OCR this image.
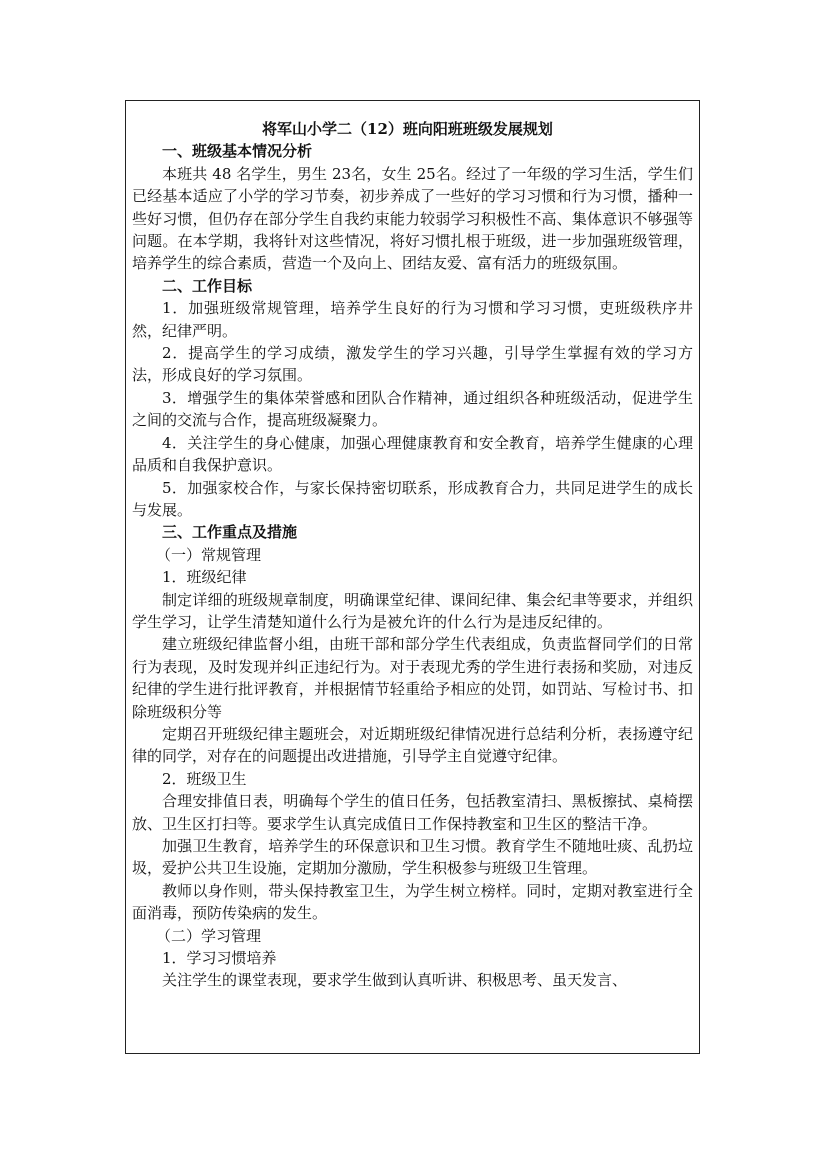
将军山小学二（12）班向阳班班级发展规划

一、班级基本情况分析

本班共 48 名学生，男生 23名，女生 25名。经过了一年级的学习生活，学生们已经基本适应了小学的学习节奏，初步养成了一些好的学习习惯和行为习惯，播种一些好习惯，但仍存在部分学生自我约束能力较弱学习积极性不高、集体意识不够强等问题。在本学期，我将针对这些情况，将好习惯扎根于班级，进一步加强班级管理，培养学生的综合素质，营造一个及向上、团结友爱、富有活力的班级氛围。

二、工作目标

1．加强班级常规管理，培养学生良好的行为习惯和学习习惯，吏班级秩序井然，纪律严明。

2．提高学生的学习成绩，激发学生的学习兴趣，引导学生掌握有效的学习方法，形成良好的学习氛围。

3．增强学生的集体荣誉感和团队合作精神，通过组织各种班级活动，促进学生之间的交流与合作，提高班级凝聚力。

4．关注学生的身心健康，加强心理健康教育和安全教育，培养学生健康的心理品质和自我保护意识。

5．加强家校合作，与家长保持密切联系，形成教育合力，共同足进学生的成长与发展。

三、工作重点及措施

（一）常规管理

1．班级纪律

制定详细的班级规章制度，明确课堂纪律、课间纪律、集会纪聿等要求，并组织学生学习，让学生清楚知道什么行为是被允许的什么行为是违反纪律的。

建立班级纪律监督小组，由班干部和部分学生代表组成，负责监督同学们的日常行为表现，及时发现并纠正违纪行为。对于表现尤秀的学生进行表扬和奖励，对违反纪律的学生进行批评教育，并根据情节轻重给予相应的处罚，如罚站、写检讨书、扣除班级积分等

定期召开班级纪律主题班会，对近期班级纪律情况进行总结利分析，表扬遵守纪律的同学，对存在的问题提出改进措施，引导学主自觉遵守纪律。

2．班级卫生

合理安排值日表，明确每个学生的值日任务，包括教室清扫、黑板擦拭、桌椅摆放、卫生区打扫等。要求学生认真完成值日工作保持教室和卫生区的整洁干净。

加强卫生教育，培养学生的环保意识和卫生习惯。教育学生不随地吐痰、乱扔垃圾，爱护公共卫生设施，定期加分激励，学生积极参与班级卫生管理。

教师以身作则，带头保持教室卫生，为学生树立榜样。同时，定期对教室进行全面消毒，预防传染病的发生。

（二）学习管理

1．学习习惯培养

关注学生的课堂表现，要求学生做到认真听讲、积极思考、虽天发言、
